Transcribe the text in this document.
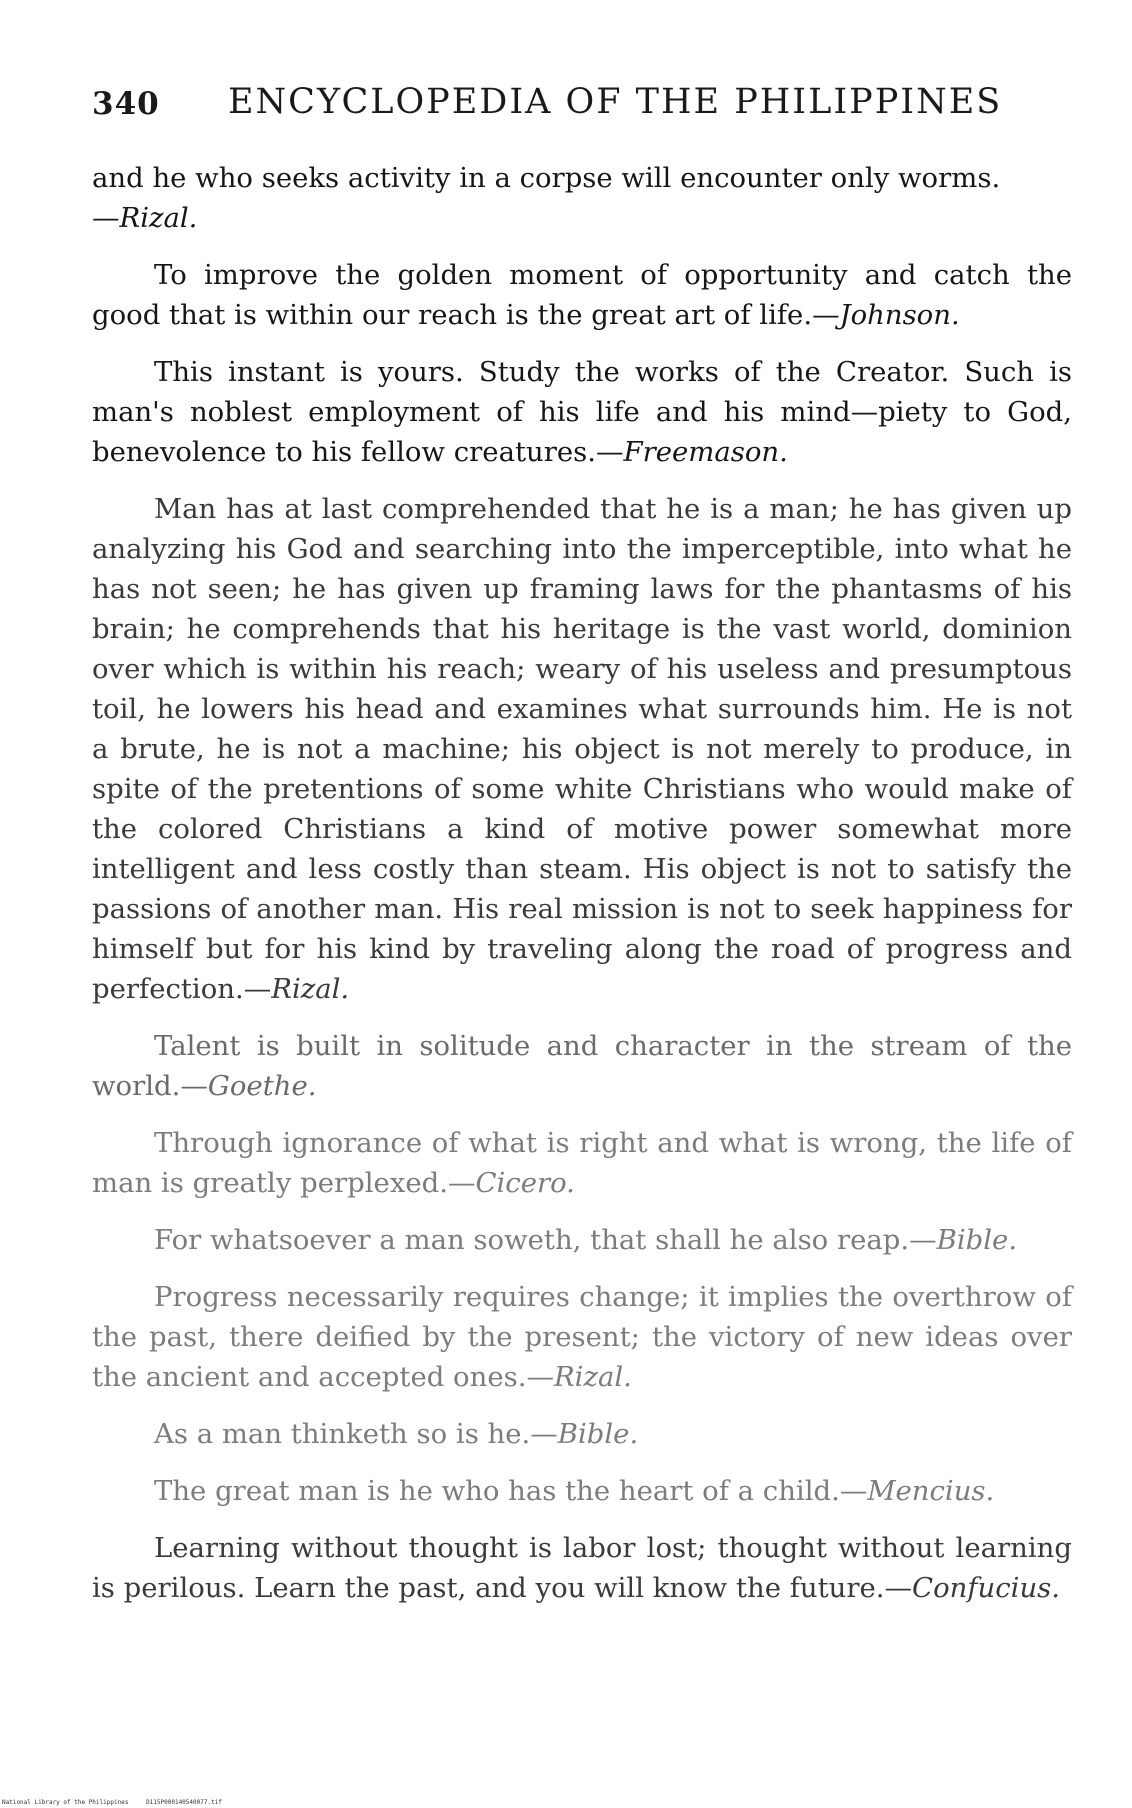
340 ENCYCLOPEDIA OF THE PHILIPPINES

and he who seeks activity in a corpse will encounter only worms.
—Rizal.

To improve the golden moment of opportunity and catch the good that is within our reach is the great art of life.—Johnson.

This instant is yours. Study the works of the Creator. Such is man's noblest employment of his life and his mind—piety to God, benevolence to his fellow creatures.—Freemason.

Man has at last comprehended that he is a man; he has given up analyzing his God and searching into the imperceptible, into what he has not seen; he has given up framing laws for the phantasms of his brain; he comprehends that his heritage is the vast world, dominion over which is within his reach; weary of his useless and presumptous toil, he lowers his head and examines what surrounds him. He is not a brute, he is not a machine; his object is not merely to produce, in spite of the pretentions of some white Christians who would make of the colored Christians a kind of motive power somewhat more intelligent and less costly than steam. His object is not to satisfy the passions of another man. His real mission is not to seek happiness for himself but for his kind by traveling along the road of progress and perfection.—Rizal.

Talent is built in solitude and character in the stream of the world.—Goethe.

Through ignorance of what is right and what is wrong, the life of man is greatly perplexed.—Cicero.

For whatsoever a man soweth, that shall he also reap.—Bible.

Progress necessarily requires change; it implies the overthrow of the past, there deified by the present; the victory of new ideas over the ancient and accepted ones.—Rizal.

As a man thinketh so is he.—Bible.

The great man is he who has the heart of a child.—Mencius.

Learning without thought is labor lost; thought without learning is perilous. Learn the past, and you will know the future.—Confucius.

National Library of the Philippines	D115P000140540077.tif
